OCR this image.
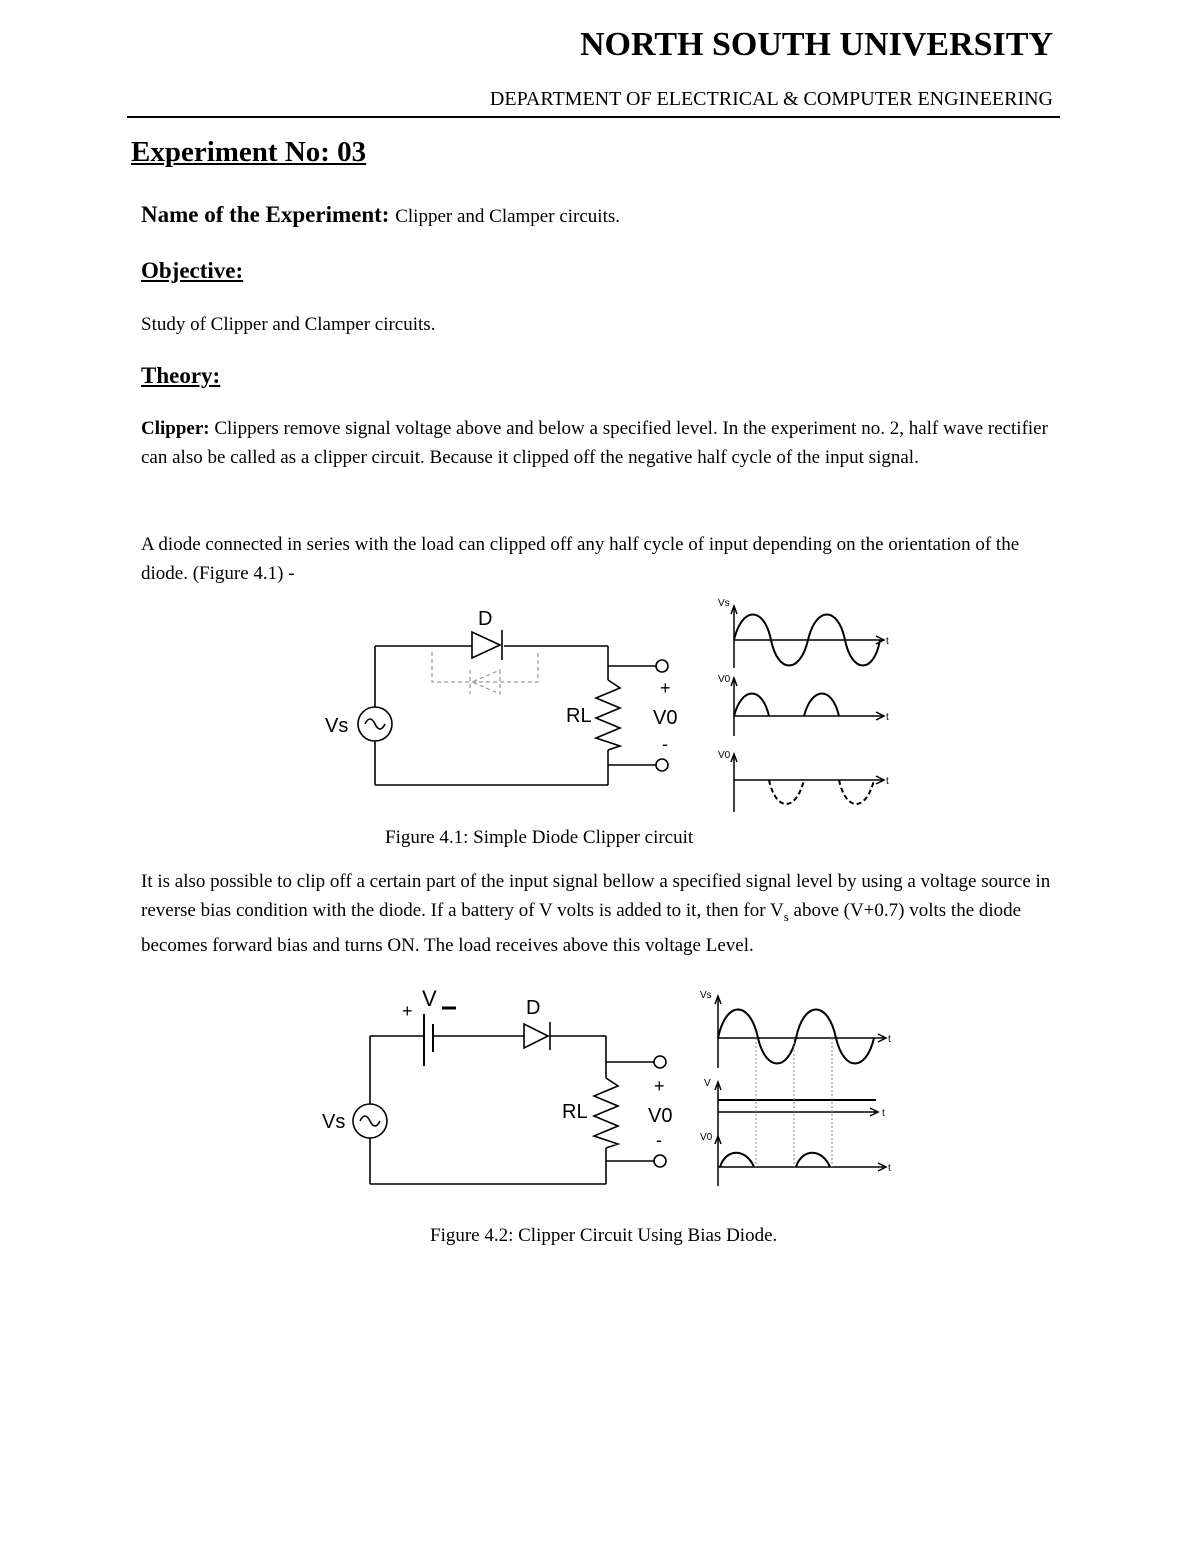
NORTH SOUTH UNIVERSITY
DEPARTMENT OF ELECTRICAL & COMPUTER ENGINEERING
Experiment No: 03
Name of the Experiment: Clipper and Clamper circuits.
Objective:
Study of Clipper and Clamper circuits.
Theory:
Clipper: Clippers remove signal voltage above and below a specified level. In the experiment no. 2, half wave rectifier can also be called as a clipper circuit. Because it clipped off the negative half cycle of the input signal.
A diode connected in series with the load can clipped off any half cycle of input depending on the orientation of the diode. (Figure 4.1) -
D
Vs	RL
+
V0
-
Vs
t
V0
t
V0
t
Figure 4.1: Simple Diode Clipper circuit
It is also possible to clip off a certain part of the input signal bellow a specified signal level by using a voltage source in reverse bias condition with the diode. If a battery of V volts is added to it, then for $V_s$ above (V+0.7) volts the diode becomes forward bias and turns ON. The load receives above this voltage Level.
+ V	D
Vs	RL
+
V0
-
Vs
t
V
t
V0
t
Figure 4.2: Clipper Circuit Using Bias Diode.
